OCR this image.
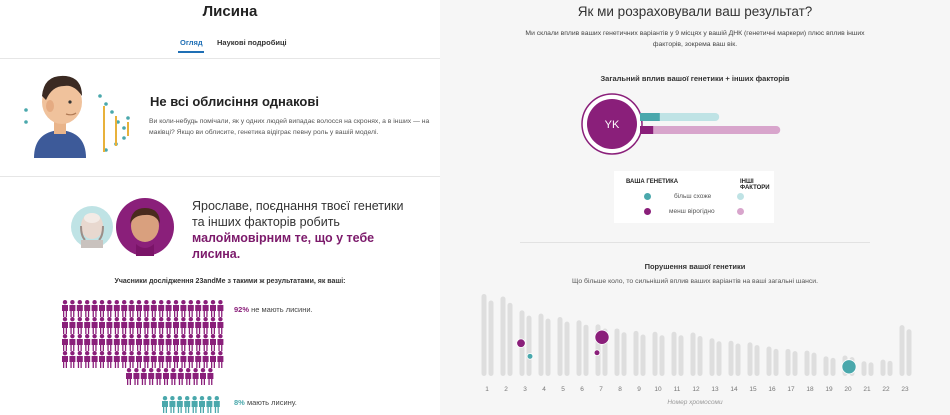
Лисина
Огляд Наукові подробиці
Не всі облисіння однакові
Ви коли-небудь помічали, як у одних людей випадає волосся на скронях, а в інших — на маківці? Якщо ви облисите, генетика відіграє певну роль у вашій моделі.
Ярославе, поєднання твоєї генетики та інших факторів робить малоймовірним те, що у тебе лисина.
Учасники дослідження 23andMe з такими ж результатами, як ваші:
92% не мають лисини.
8% мають лисину.
Як ми розраховували ваш результат?
Ми склали вплив ваших генетичних варіантів у 9 місцях у вашій ДНК (генетичні маркери) плюс вплив інших факторів, зокрема ваш вік.
Загальний вплив вашої генетики + інших факторів
YK
ВАША ГЕНЕТИКА	ІНШІ ФАКТОРИ
більш схоже
менш вірогідно
Порушення вашої генетики
Що більше коло, то сильніший вплив ваших варіантів на ваші загальні шанси.
1 2 3 4 5 6 7 8 9 10 11 12 13 14 15 16 17 18 19 20 21 22 23
Номер хромосоми
